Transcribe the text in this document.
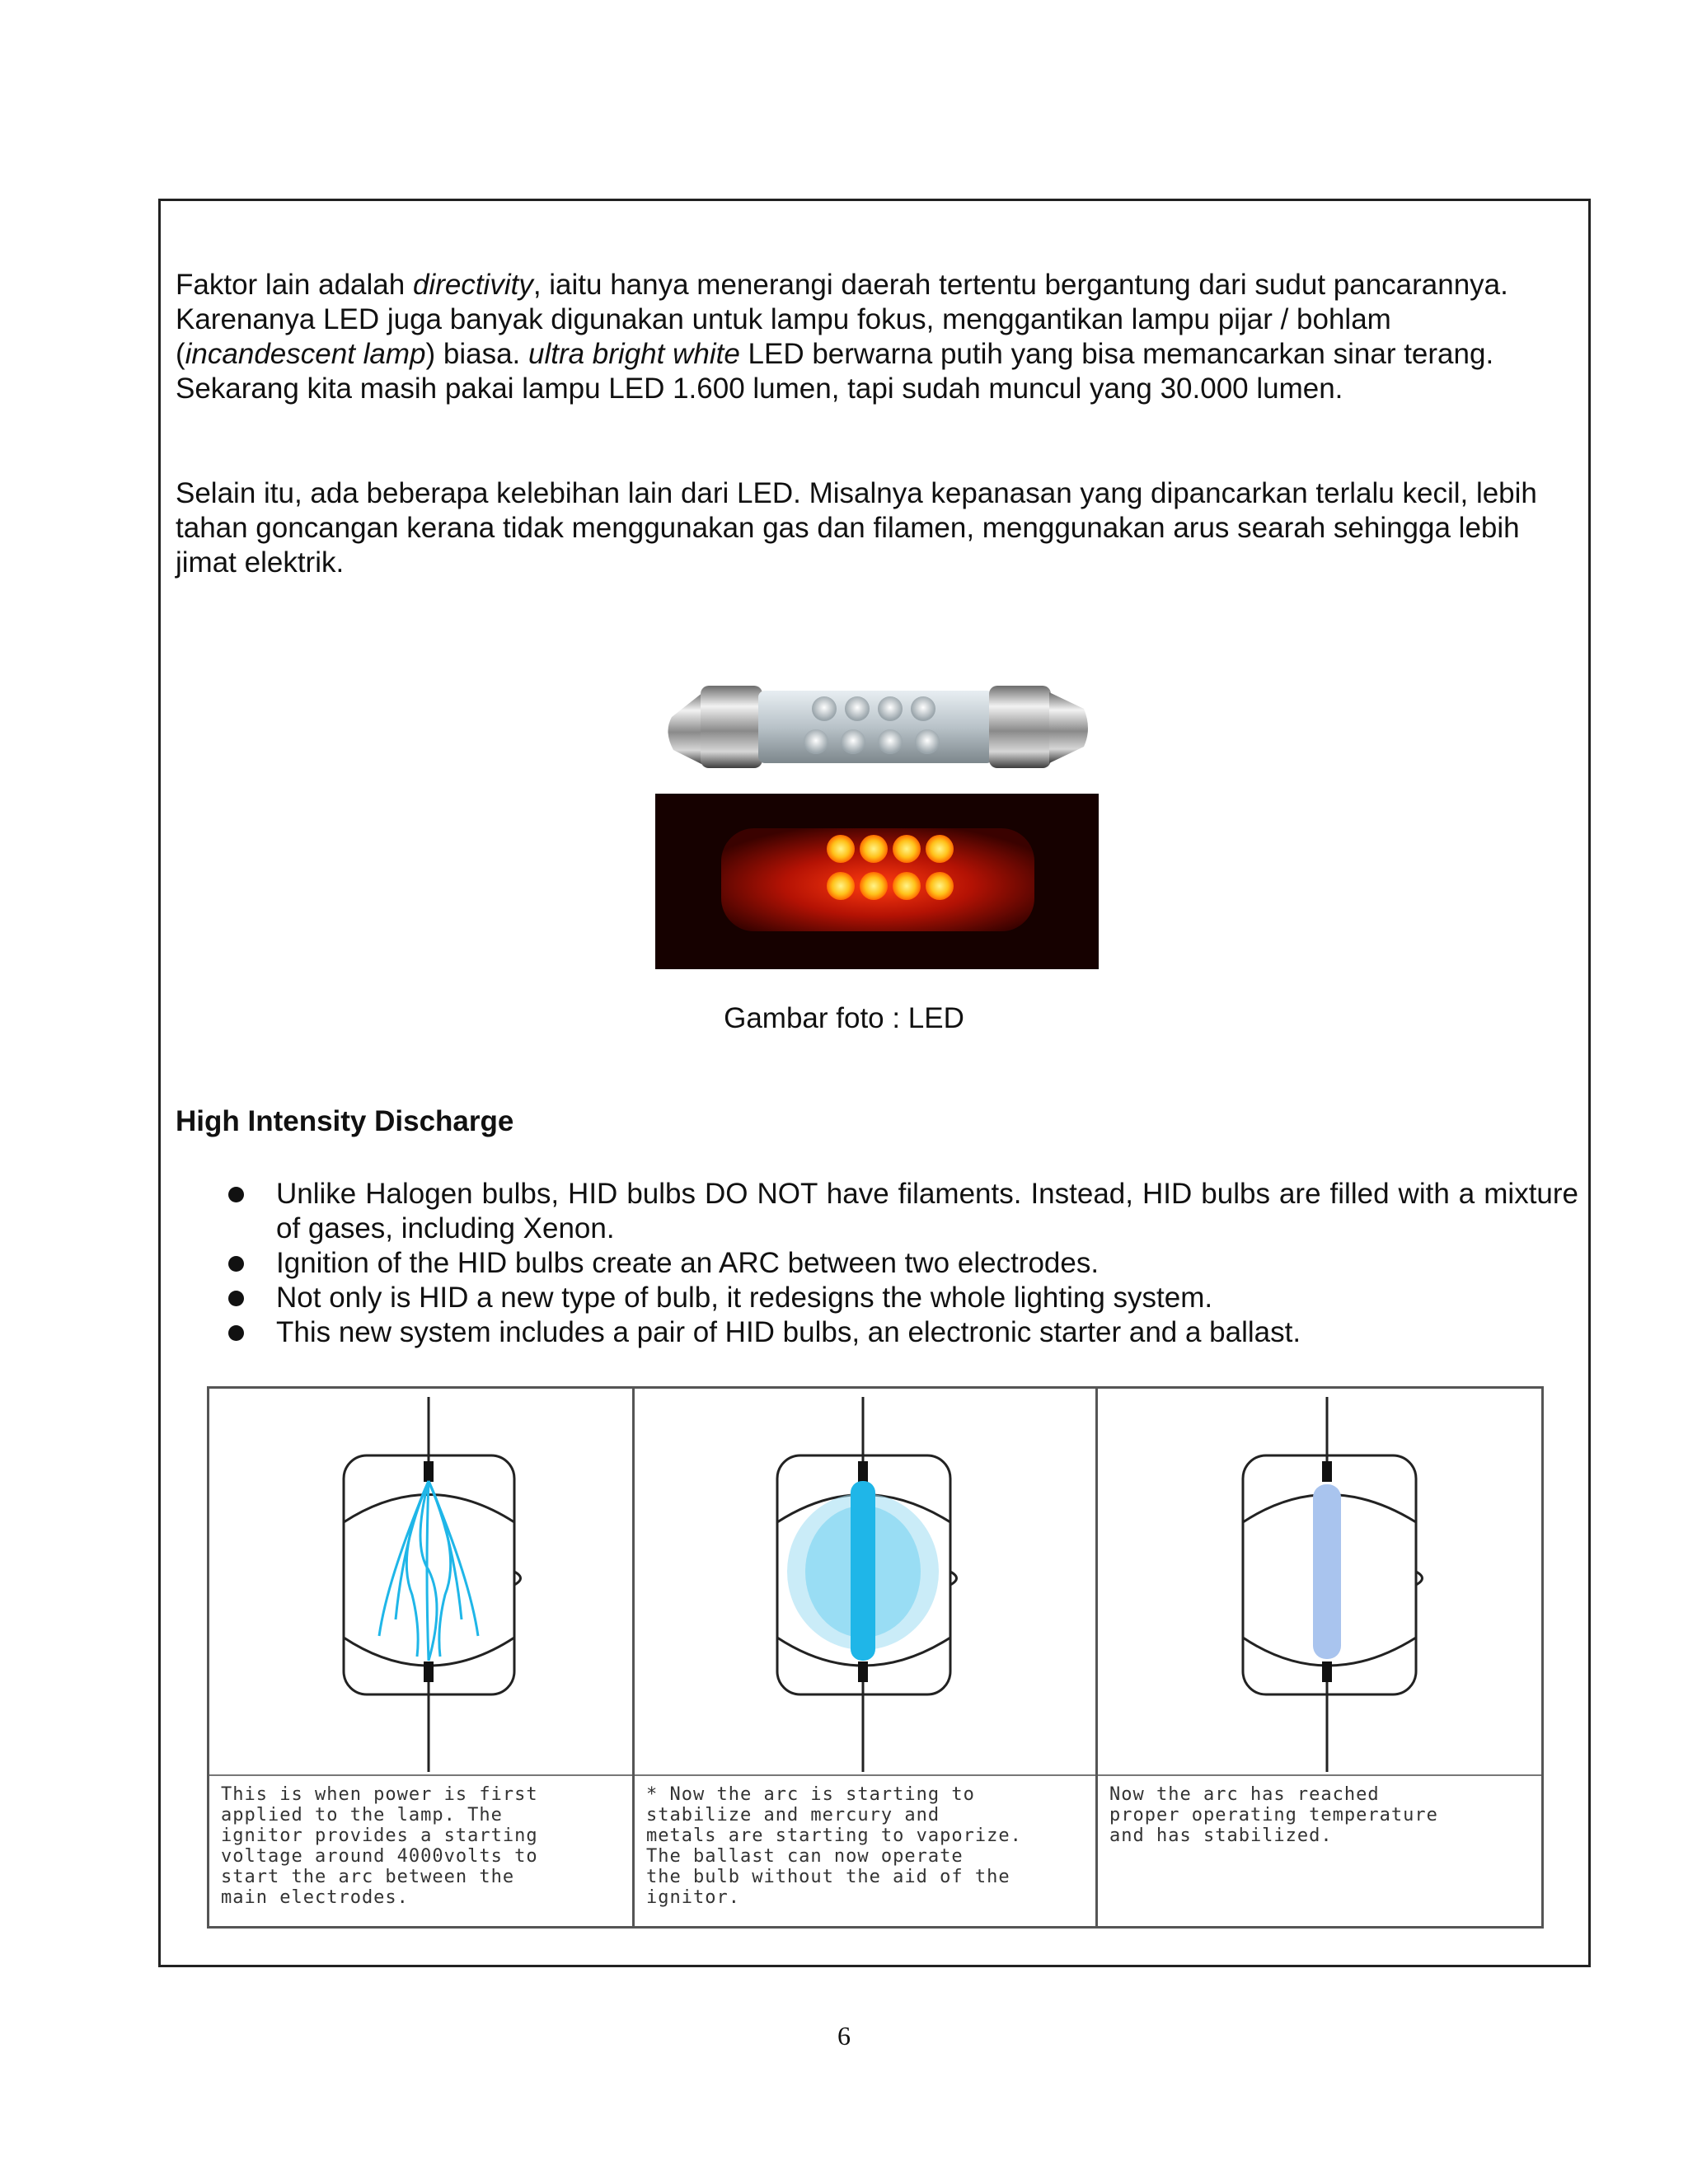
Faktor lain adalah directivity, iaitu hanya menerangi daerah tertentu bergantung dari sudut pancarannya. Karenanya LED juga banyak digunakan untuk lampu fokus, menggantikan lampu pijar / bohlam (incandescent lamp) biasa. ultra bright white LED berwarna putih yang bisa memancarkan sinar terang. Sekarang kita masih pakai lampu LED 1.600 lumen, tapi sudah muncul yang 30.000 lumen.

Selain itu, ada beberapa kelebihan lain dari LED. Misalnya kepanasan yang dipancarkan terlalu kecil, lebih tahan goncangan kerana tidak menggunakan gas dan filamen, menggunakan arus searah sehingga lebih jimat elektrik.

Gambar foto : LED
High Intensity Discharge
Unlike Halogen bulbs, HID bulbs DO NOT have filaments. Instead, HID bulbs are filled with a mixture of gases, including Xenon.
Ignition of the HID bulbs create an ARC between two electrodes.
Not only is HID a new type of bulb, it redesigns the whole lighting system.
This new system includes a pair of HID bulbs, an electronic starter and a ballast.
This is when power is first
applied to the lamp. The
ignitor provides a starting
voltage around 4000volts to
start the arc between the
main electrodes.
* Now the arc is starting to
stabilize and mercury and
metals are starting to vaporize.
The ballast can now operate
the bulb without the aid of the
ignitor.
Now the arc has reached
proper operating temperature
and has stabilized.
6
